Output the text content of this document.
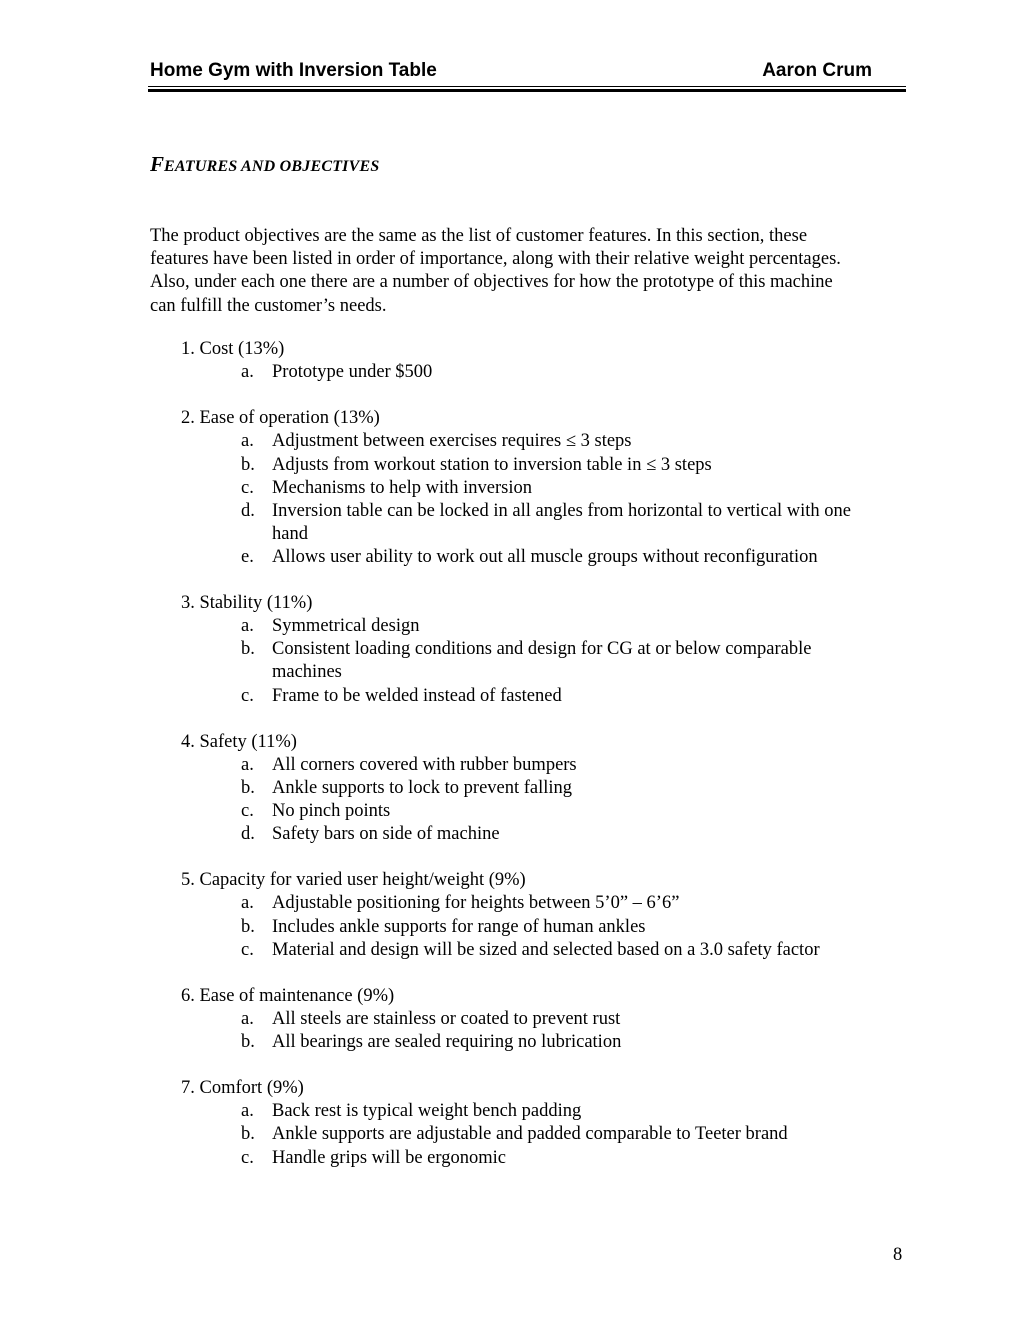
Home Gym with Inversion Table	Aaron Crum
FEATURES AND OBJECTIVES
The product objectives are the same as the list of customer features. In this section, these
features have been listed in order of importance, along with their relative weight percentages.
Also, under each one there are a number of objectives for how the prototype of this machine
can fulfill the customer’s needs.
1. Cost (13%)
a. Prototype under $500
2. Ease of operation (13%)
a. Adjustment between exercises requires ≤ 3 steps
b. Adjusts from workout station to inversion table in ≤ 3 steps
c. Mechanisms to help with inversion
d. Inversion table can be locked in all angles from horizontal to vertical with one
hand
e. Allows user ability to work out all muscle groups without reconfiguration
3. Stability (11%)
a. Symmetrical design
b. Consistent loading conditions and design for CG at or below comparable
machines
c. Frame to be welded instead of fastened
4. Safety (11%)
a. All corners covered with rubber bumpers
b. Ankle supports to lock to prevent falling
c. No pinch points
d. Safety bars on side of machine
5. Capacity for varied user height/weight (9%)
a. Adjustable positioning for heights between 5’0” – 6’6”
b. Includes ankle supports for range of human ankles
c. Material and design will be sized and selected based on a 3.0 safety factor
6. Ease of maintenance (9%)
a. All steels are stainless or coated to prevent rust
b. All bearings are sealed requiring no lubrication
7. Comfort (9%)
a. Back rest is typical weight bench padding
b. Ankle supports are adjustable and padded comparable to Teeter brand
c. Handle grips will be ergonomic
8
